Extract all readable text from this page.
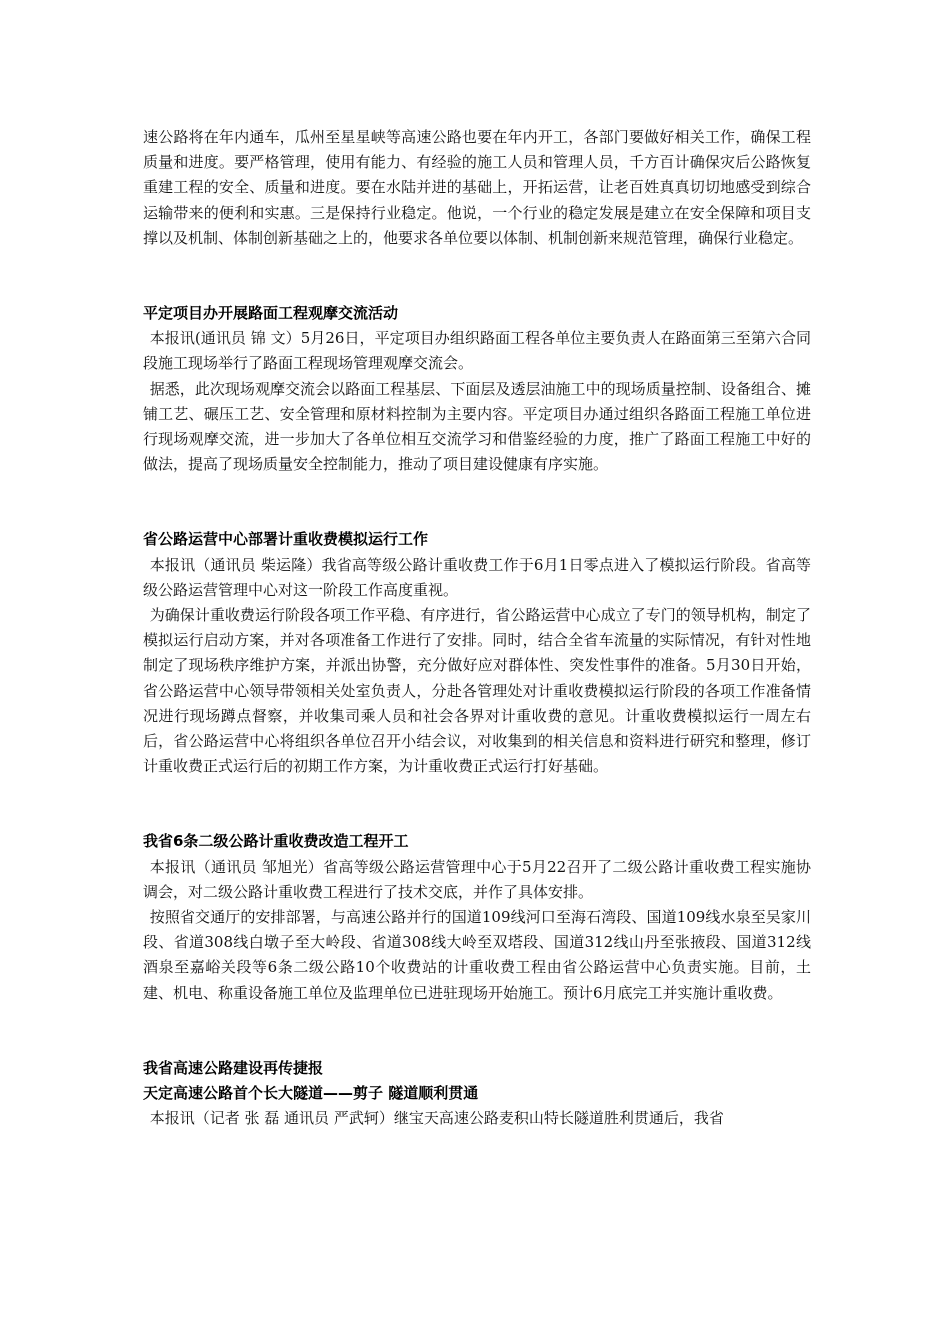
速公路将在年内通车，瓜州至星星峡等高速公路也要在年内开工，各部门要做好相关工作，确保工程质量和进度。要严格管理，使用有能力、有经验的施工人员和管理人员，千方百计确保灾后公路恢复重建工程的安全、质量和进度。要在水陆并进的基础上，开拓运营，让老百姓真真切切地感受到综合运输带来的便利和实惠。三是保持行业稳定。他说，一个行业的稳定发展是建立在安全保障和项目支撑以及机制、体制创新基础之上的，他要求各单位要以体制、机制创新来规范管理，确保行业稳定。

平定项目办开展路面工程观摩交流活动

本报讯(通讯员 锦 文）5月26日，平定项目办组织路面工程各单位主要负责人在路面第三至第六合同段施工现场举行了路面工程现场管理观摩交流会。

据悉，此次现场观摩交流会以路面工程基层、下面层及透层油施工中的现场质量控制、设备组合、摊铺工艺、碾压工艺、安全管理和原材料控制为主要内容。平定项目办通过组织各路面工程施工单位进行现场观摩交流，进一步加大了各单位相互交流学习和借鉴经验的力度，推广了路面工程施工中好的做法，提高了现场质量安全控制能力，推动了项目建设健康有序实施。

省公路运营中心部署计重收费模拟运行工作

本报讯（通讯员 柴运隆）我省高等级公路计重收费工作于6月1日零点进入了模拟运行阶段。省高等级公路运营管理中心对这一阶段工作高度重视。

为确保计重收费运行阶段各项工作平稳、有序进行，省公路运营中心成立了专门的领导机构，制定了模拟运行启动方案，并对各项准备工作进行了安排。同时，结合全省车流量的实际情况，有针对性地制定了现场秩序维护方案，并派出协警，充分做好应对群体性、突发性事件的准备。5月30日开始，省公路运营中心领导带领相关处室负责人，分赴各管理处对计重收费模拟运行阶段的各项工作准备情况进行现场蹲点督察，并收集司乘人员和社会各界对计重收费的意见。计重收费模拟运行一周左右后，省公路运营中心将组织各单位召开小结会议，对收集到的相关信息和资料进行研究和整理，修订计重收费正式运行后的初期工作方案，为计重收费正式运行打好基础。

我省6条二级公路计重收费改造工程开工

本报讯（通讯员 邹旭光）省高等级公路运营管理中心于5月22召开了二级公路计重收费工程实施协调会，对二级公路计重收费工程进行了技术交底，并作了具体安排。

按照省交通厅的安排部署，与高速公路并行的国道109线河口至海石湾段、国道109线水泉至吴家川段、省道308线白墩子至大岭段、省道308线大岭至双塔段、国道312线山丹至张掖段、国道312线酒泉至嘉峪关段等6条二级公路10个收费站的计重收费工程由省公路运营中心负责实施。目前，土建、机电、称重设备施工单位及监理单位已进驻现场开始施工。预计6月底完工并实施计重收费。

我省高速公路建设再传捷报
天定高速公路首个长大隧道——剪子 隧道顺利贯通

本报讯（记者 张 磊 通讯员 严武轲）继宝天高速公路麦积山特长隧道胜利贯通后，我省
